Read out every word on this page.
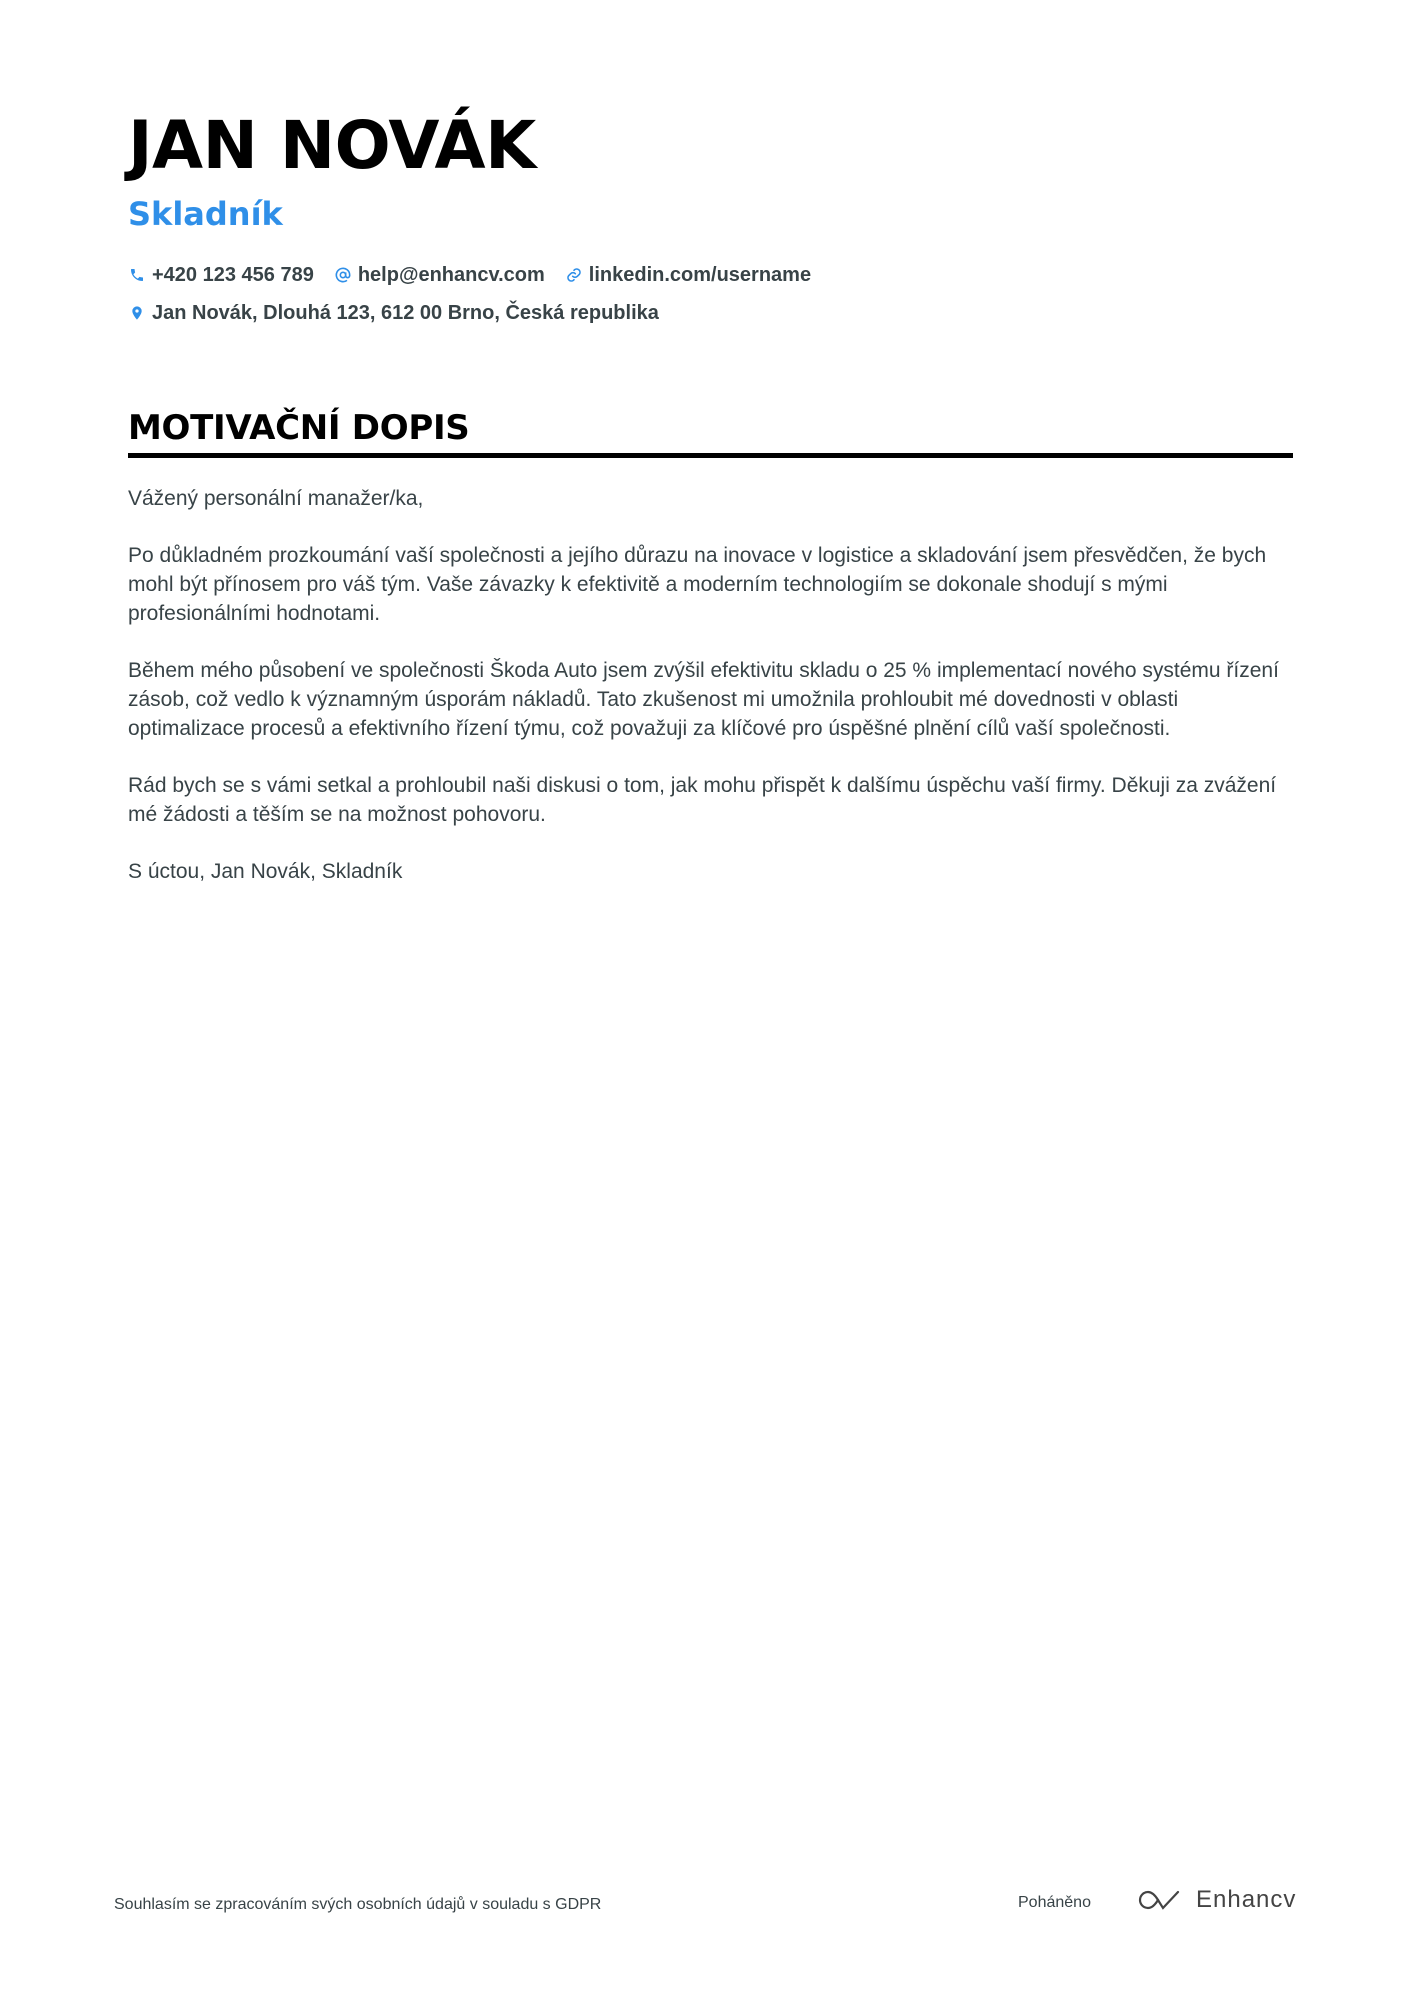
JAN NOVÁK
Skladník
+420 123 456 789 help@enhancv.com linkedin.com/username
Jan Novák, Dlouhá 123, 612 00 Brno, Česká republika
MOTIVAČNÍ DOPIS

Vážený personální manažer/ka,

Po důkladném prozkoumání vaší společnosti a jejího důrazu na inovace v logistice a skladování jsem přesvědčen, že bych mohl být přínosem pro váš tým. Vaše závazky k efektivitě a moderním technologiím se dokonale shodují s mými profesionálními hodnotami.

Během mého působení ve společnosti Škoda Auto jsem zvýšil efektivitu skladu o 25 % implementací nového systému řízení zásob, což vedlo k významným úsporám nákladů. Tato zkušenost mi umožnila prohloubit mé dovednosti v oblasti optimalizace procesů a efektivního řízení týmu, což považuji za klíčové pro úspěšné plnění cílů vaší společnosti.

Rád bych se s vámi setkal a prohloubil naši diskusi o tom, jak mohu přispět k dalšímu úspěchu vaší firmy. Děkuji za zvážení mé žádosti a těším se na možnost pohovoru.

S úctou, Jan Novák, Skladník

Souhlasím se zpracováním svých osobních údajů v souladu s GDPR	Poháněno	Enhancv
